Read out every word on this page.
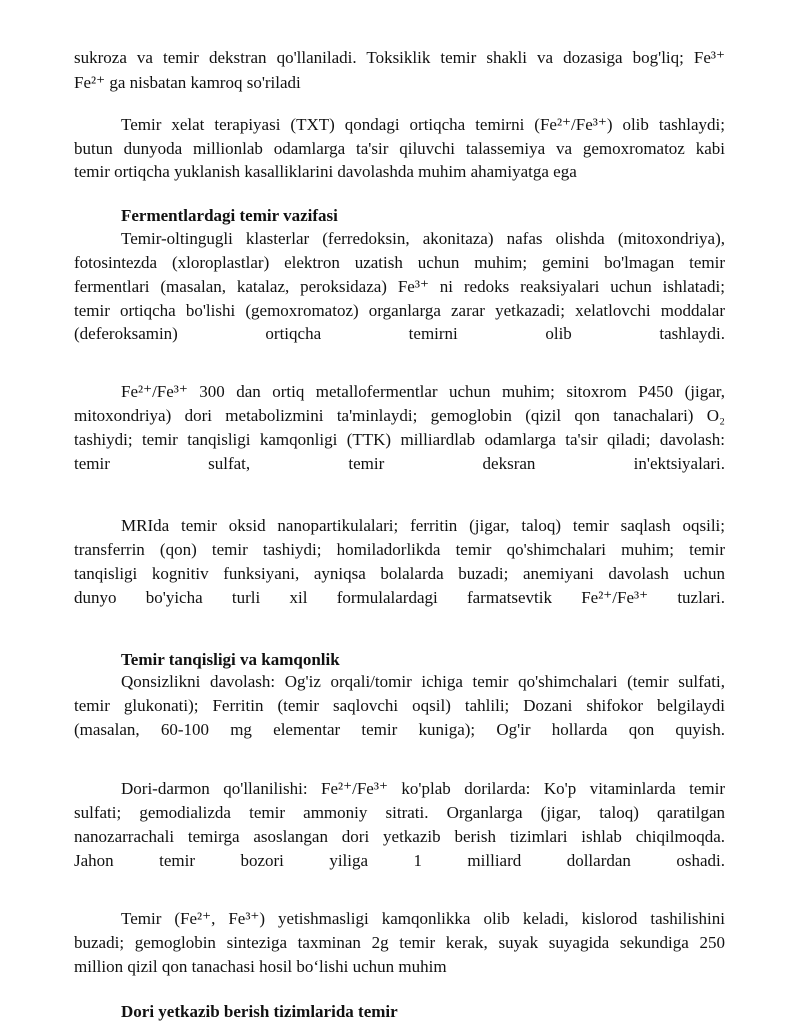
sukroza va temir dekstran qo'llaniladi. Toksiklik temir shakli va dozasiga bog'liq; Fe³⁺
Fe²⁺ ga nisbatan kamroq so'riladi
Temir xelat terapiyasi (TXT) qondagi ortiqcha temirni (Fe²⁺/Fe³⁺) olib tashlaydi;
butun dunyoda millionlab odamlarga ta'sir qiluvchi talassemiya va gemoxromatoz kabi
temir ortiqcha yuklanish kasalliklarini davolashda muhim ahamiyatga ega
Fermentlardagi temir vazifasi
Temir-oltingugli klasterlar (ferredoksin, akonitaza) nafas olishda (mitoxondriya),
fotosintezda (xloroplastlar) elektron uzatish uchun muhim; gemini bo'lmagan temir
fermentlari (masalan, katalaz, peroksidaza) Fe³⁺ ni redoks reaksiyalari uchun ishlatadi;
temir ortiqcha bo'lishi (gemoxromatoz) organlarga zarar yetkazadi; xelatlovchi moddalar
(deferoksamin) ortiqcha temirni olib tashlaydi.
Fe²⁺/Fe³⁺ 300 dan ortiq metallofermentlar uchun muhim; sitoxrom P450 (jigar,
mitoxondriya) dori metabolizmini ta'minlaydi; gemoglobin (qizil qon tanachalari) O₂
tashiydi; temir tanqisligi kamqonligi (TTK) milliardlab odamlarga ta'sir qiladi; davolash:
temir sulfat, temir deksran in'ektsiyalari.
MRIda temir oksid nanopartikulalari; ferritin (jigar, taloq) temir saqlash oqsili;
transferrin (qon) temir tashiydi; homiladorlikda temir qo'shimchalari muhim; temir
tanqisligi kognitiv funksiyani, ayniqsa bolalarda buzadi; anemiyani davolash uchun
dunyo bo'yicha turli xil formulalardagi farmatsevtik Fe²⁺/Fe³⁺ tuzlari.
Temir tanqisligi va kamqonlik
Qonsizlikni davolash: Og'iz orqali/tomir ichiga temir qo'shimchalari (temir sulfati,
temir glukonati); Ferritin (temir saqlovchi oqsil) tahlili; Dozani shifokor belgilaydi
(masalan, 60-100 mg elementar temir kuniga); Og'ir hollarda qon quyish.
Dori-darmon qo'llanilishi: Fe²⁺/Fe³⁺ ko'plab dorilarda: Ko'p vitaminlarda temir
sulfati; gemodializda temir ammoniy sitrati. Organlarga (jigar, taloq) qaratilgan
nanozarrachali temirga asoslangan dori yetkazib berish tizimlari ishlab chiqilmoqda.
Jahon temir bozori yiliga 1 milliard dollardan oshadi.
Temir (Fe²⁺, Fe³⁺) yetishmasligi kamqonlikka olib keladi, kislorod tashilishini
buzadi; gemoglobin sinteziga taxminan 2g temir kerak, suyak suyagida sekundiga 250
million qizil qon tanachasi hosil bo‘lishi uchun muhim
Dori yetkazib berish tizimlarida temir
